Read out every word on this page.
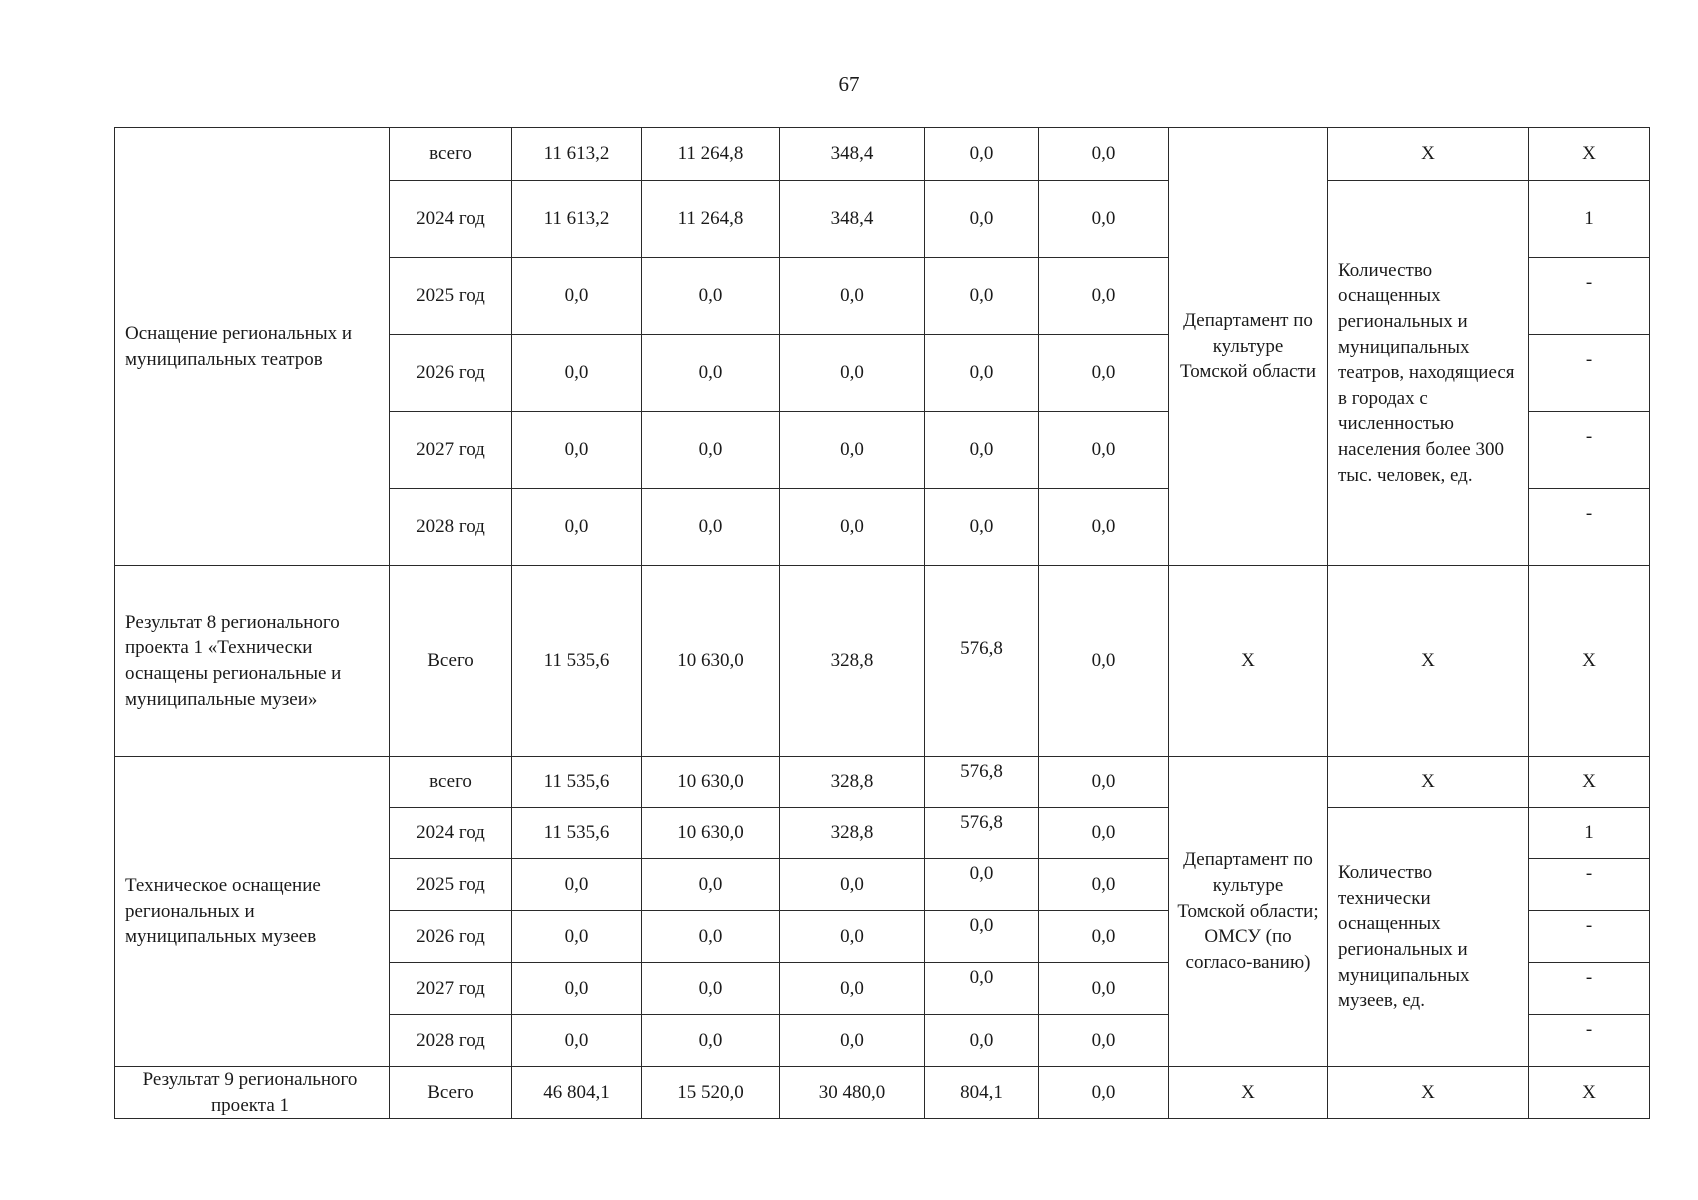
67
Оснащение региональных и муниципальных театров	всего	11 613,2	11 264,8	348,4	0,0	0,0	Департамент по культуре Томской области	X	X
	2024 год	11 613,2	11 264,8	348,4	0,0	0,0		Количество оснащенных региональных и муниципальных театров, находящиеся в городах с численностью населения более 300 тыс. человек, ед.	1
	2025 год	0,0	0,0	0,0	0,0	0,0			-
	2026 год	0,0	0,0	0,0	0,0	0,0			-
	2027 год	0,0	0,0	0,0	0,0	0,0			-
	2028 год	0,0	0,0	0,0	0,0	0,0			-
Результат 8 регионального проекта 1 «Технически оснащены региональные и муниципальные музеи»	Всего	11 535,6	10 630,0	328,8	576,8	0,0	X	X	X
Техническое оснащение региональных и муниципальных музеев	всего	11 535,6	10 630,0	328,8	576,8	0,0	Департамент по культуре Томской области; ОМСУ (по согласо-ванию)	X	X
	2024 год	11 535,6	10 630,0	328,8	576,8	0,0		Количество технически оснащенных региональных и муниципальных музеев, ед.	1
	2025 год	0,0	0,0	0,0	0,0	0,0			-
	2026 год	0,0	0,0	0,0	0,0	0,0			-
	2027 год	0,0	0,0	0,0	0,0	0,0			-
	2028 год	0,0	0,0	0,0	0,0	0,0			-
Результат 9 регионального проекта 1	Всего	46 804,1	15 520,0	30 480,0	804,1	0,0	X	X	X
